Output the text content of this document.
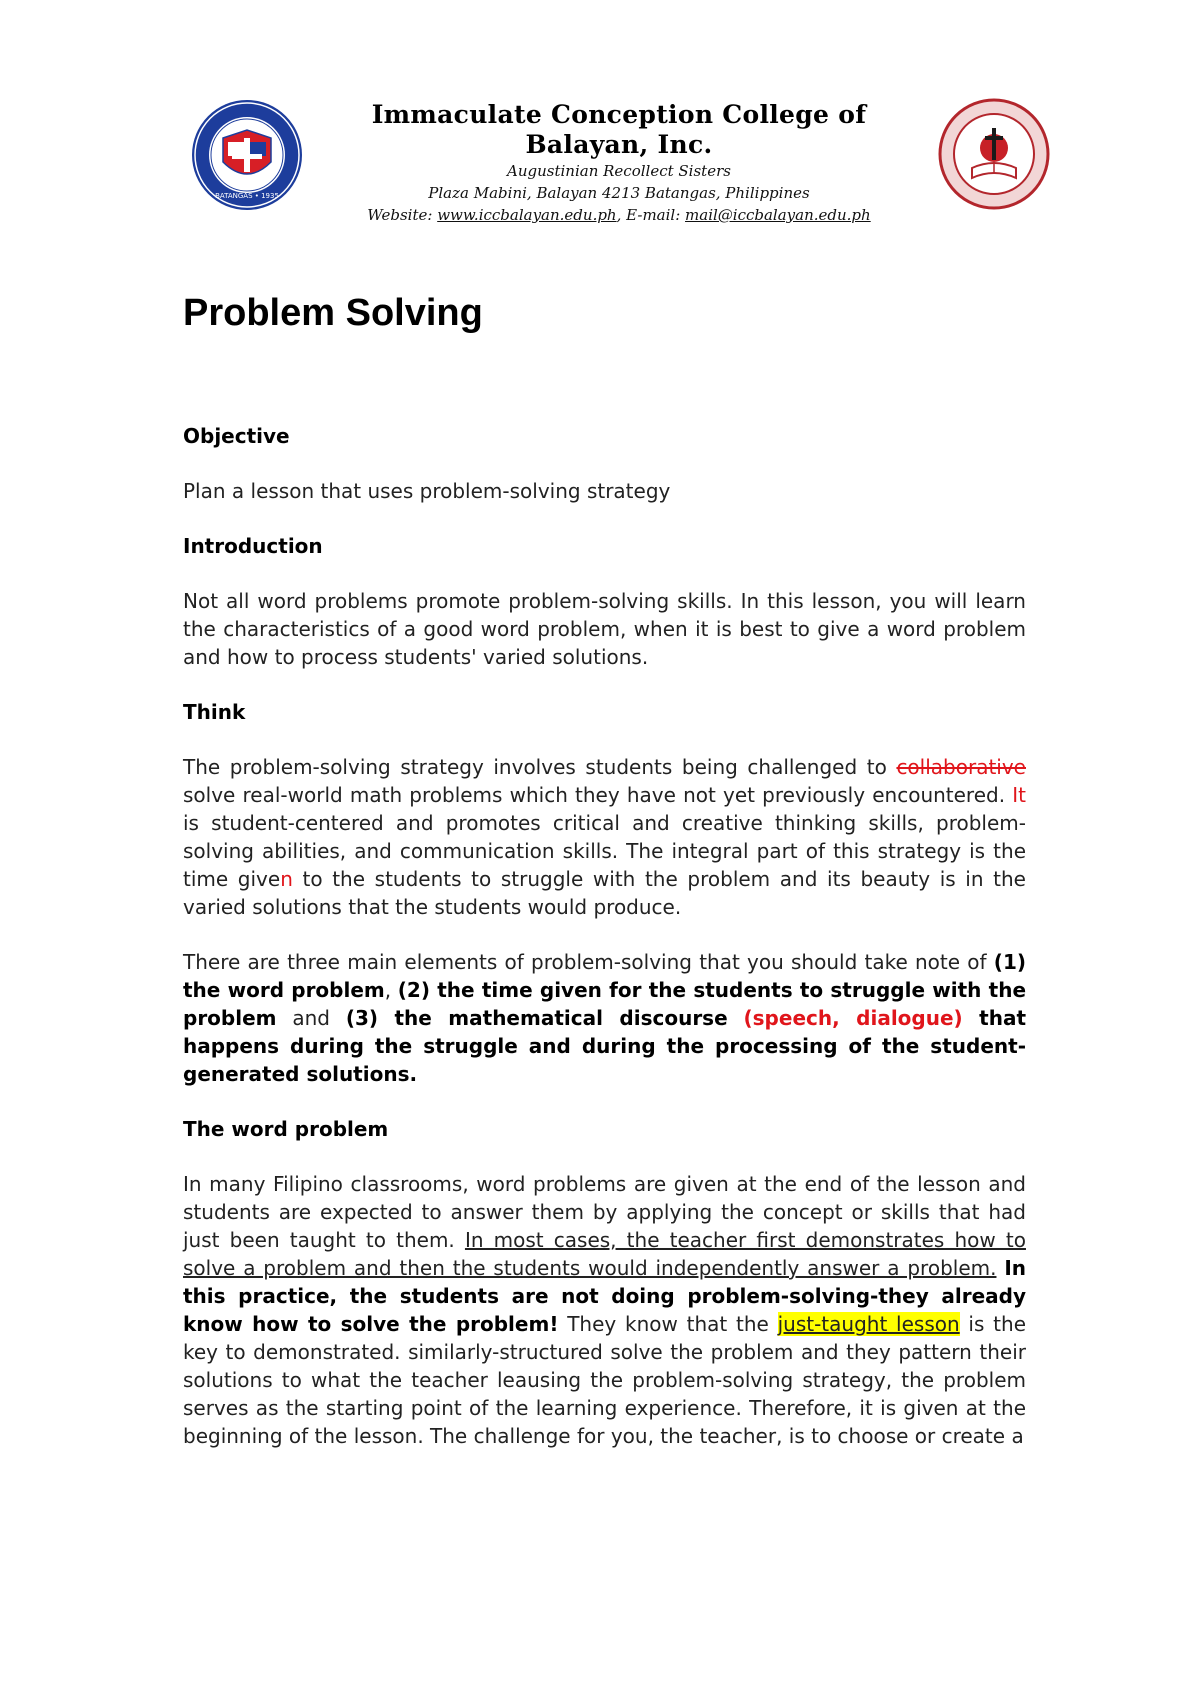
BATANGAS • 1935
Immaculate Conception College of Balayan, Inc.
Augustinian Recollect Sisters
Plaza Mabini, Balayan 4213 Batangas, Philippines
Website: www.iccbalayan.edu.ph, E-mail: mail@iccbalayan.edu.ph
Problem Solving

Objective

Plan a lesson that uses problem-solving strategy

Introduction

Not all word problems promote problem-solving skills. In this lesson, you will learn the characteristics of a good word problem, when it is best to give a word problem and how to process students' varied solutions.

Think

The problem-solving strategy involves students being challenged to collaborative solve real-world math problems which they have not yet previously encountered. It is student-centered and promotes critical and creative thinking skills, problem-solving abilities, and communication skills. The integral part of this strategy is the time given to the students to struggle with the problem and its beauty is in the varied solutions that the students would produce.

There are three main elements of problem-solving that you should take note of (1) the word problem, (2) the time given for the students to struggle with the problem and (3) the mathematical discourse (speech, dialogue) that happens during the struggle and during the processing of the student-generated solutions.

The word problem

In many Filipino classrooms, word problems are given at the end of the lesson and students are expected to answer them by applying the concept or skills that had just been taught to them. In most cases, the teacher first demonstrates how to solve a problem and then the students would independently answer a problem. In this practice, the students are not doing problem-solving-they already know how to solve the problem! They know that the just-taught lesson is the key to demonstrated. similarly-structured solve the problem and they pattern their solutions to what the teacher leausing the problem-solving strategy, the problem serves as the starting point of the learning experience. Therefore, it is given at the beginning of the lesson. The challenge for you, the teacher, is to choose or create a
